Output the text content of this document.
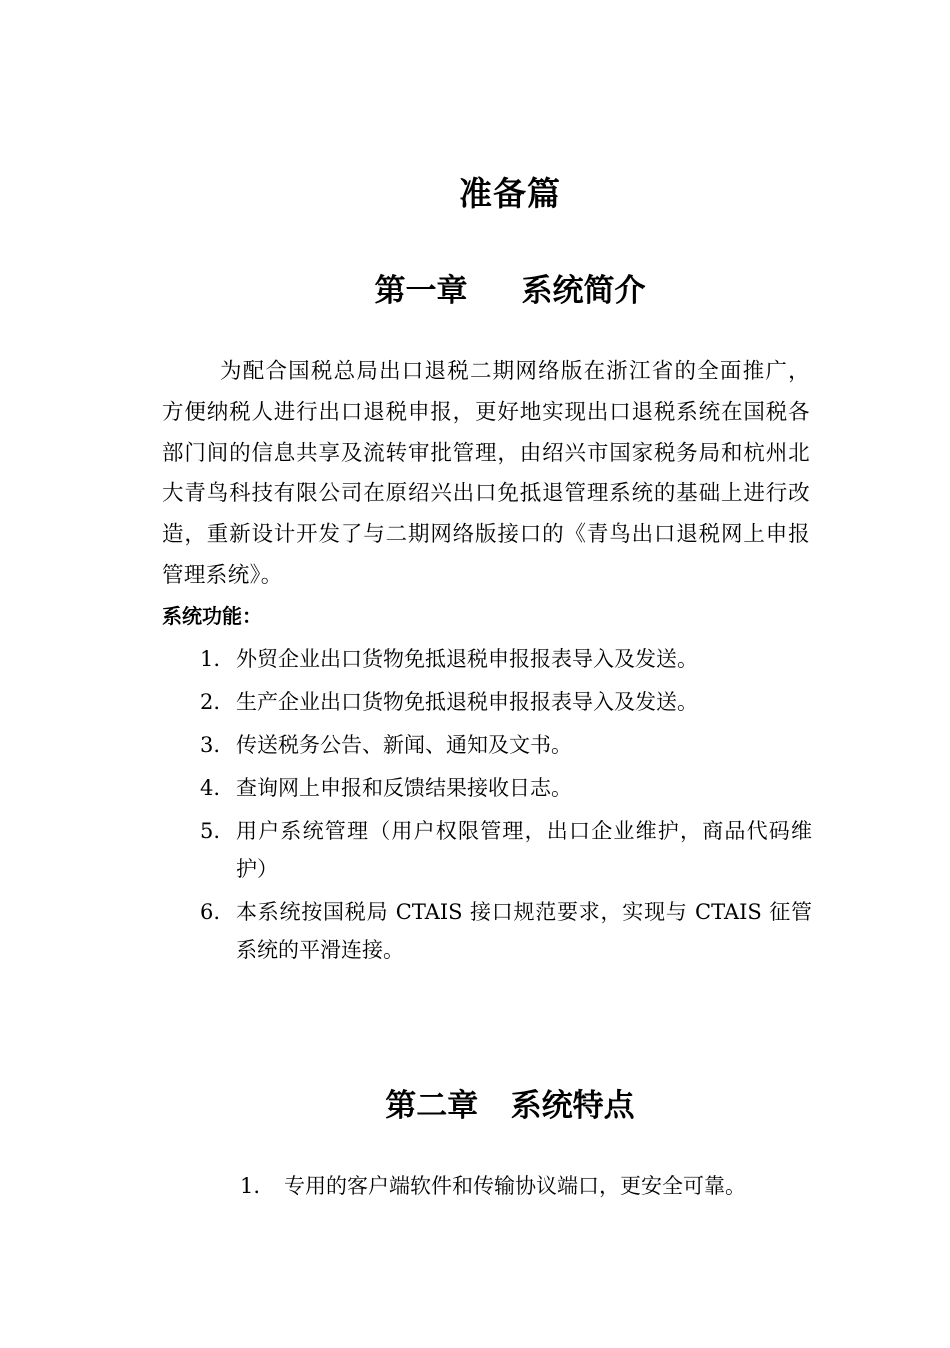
准备篇
第一章     系统简介
为配合国税总局出口退税二期网络版在浙江省的全面推广， 方便纳税人进行出口退税申报，更好地实现出口退税系统在国税各部门间的信息共享及流转审批管理，由绍兴市国家税务局和杭州北大青鸟科技有限公司在原绍兴出口免抵退管理系统的基础上进行改造，重新设计开发了与二期网络版接口的《青鸟出口退税网上申报管理系统》。
系统功能：
1. 外贸企业出口货物免抵退税申报报表导入及发送。
2. 生产企业出口货物免抵退税申报报表导入及发送。
3. 传送税务公告、新闻、通知及文书。
4. 查询网上申报和反馈结果接收日志。
5. 用户系统管理（用户权限管理，出口企业维护，商品代码维护）
6. 本系统按国税局 CTAIS 接口规范要求，实现与 CTAIS 征管系统的平滑连接。
第二章   系统特点
1.	专用的客户端软件和传输协议端口，更安全可靠。
